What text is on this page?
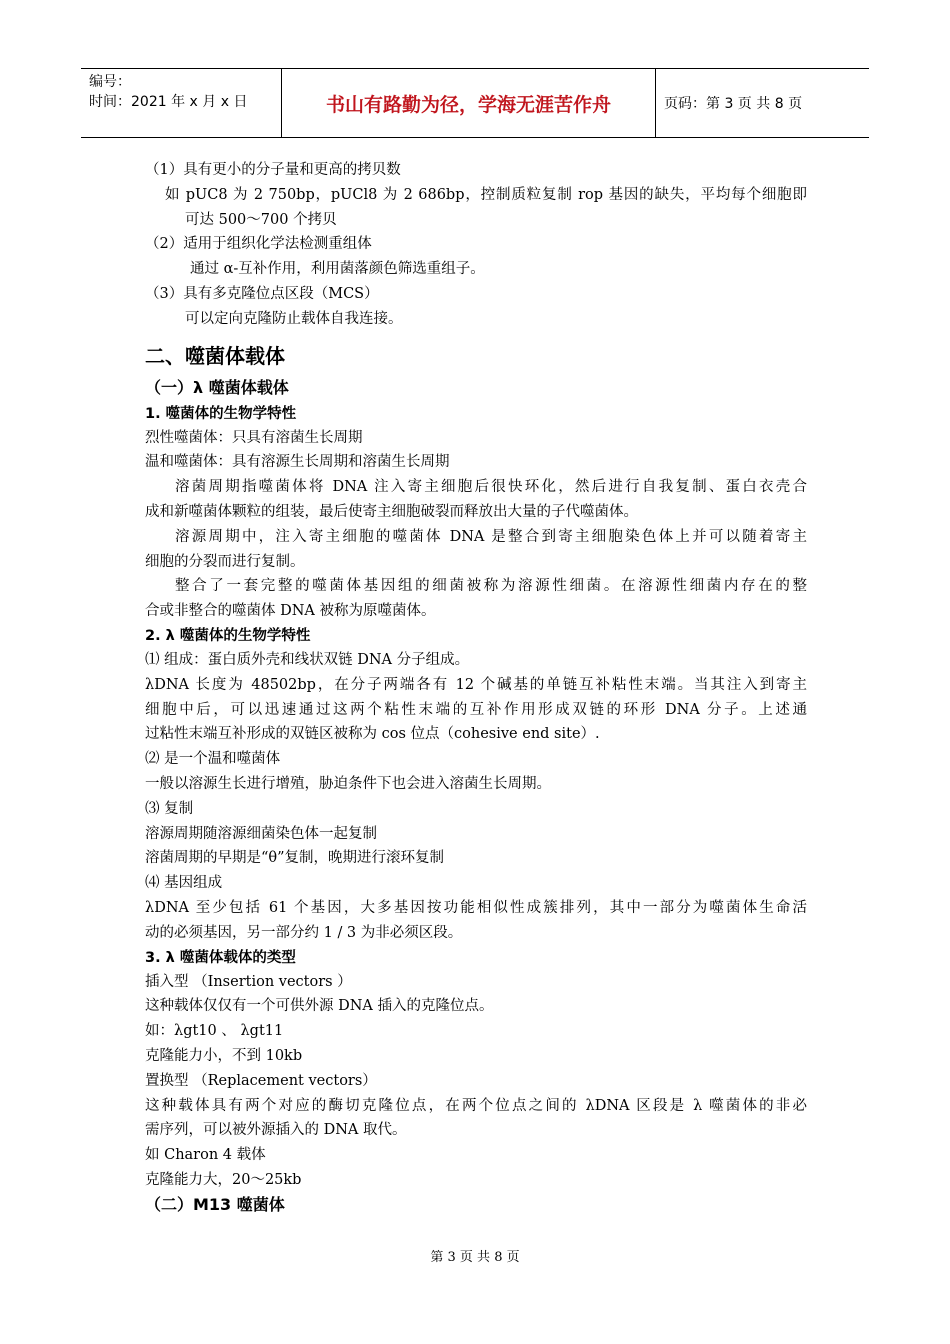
编号：
时间：2021 年 x 月 x 日	书山有路勤为径，学海无涯苦作舟	页码：第 3 页 共 8 页
（1）具有更小的分子量和更高的拷贝数
如 pUC8 为 2 750bp，pUCl8 为 2 686bp，控制质粒复制 rop 基因的缺失，平均每个细胞即
可达 500～700 个拷贝
（2）适用于组织化学法检测重组体
通过 α-互补作用，利用菌落颜色筛选重组子。
（3）具有多克隆位点区段（MCS）
可以定向克隆防止载体自我连接。
二、噬菌体载体
（一）λ 噬菌体载体
1. 噬菌体的生物学特性
烈性噬菌体：只具有溶菌生长周期
温和噬菌体：具有溶源生长周期和溶菌生长周期
溶菌周期指噬菌体将 DNA 注入寄主细胞后很快环化，然后进行自我复制、蛋白衣壳合
成和新噬菌体颗粒的组装，最后使寄主细胞破裂而释放出大量的子代噬菌体。
溶源周期中，注入寄主细胞的噬菌体 DNA 是整合到寄主细胞染色体上并可以随着寄主
细胞的分裂而进行复制。
整合了一套完整的噬菌体基因组的细菌被称为溶源性细菌。在溶源性细菌内存在的整
合或非整合的噬菌体 DNA 被称为原噬菌体。
2. λ 噬菌体的生物学特性
⑴ 组成：蛋白质外壳和线状双链 DNA 分子组成。
λDNA 长度为 48502bp，在分子两端各有 12 个碱基的单链互补粘性末端。当其注入到寄主
细胞中后，可以迅速通过这两个粘性末端的互补作用形成双链的环形 DNA 分子。上述通
过粘性末端互补形成的双链区被称为 cos 位点（cohesive end site）.
⑵ 是一个温和噬菌体
一般以溶源生长进行增殖，胁迫条件下也会进入溶菌生长周期。
⑶ 复制
溶源周期随溶源细菌染色体一起复制
溶菌周期的早期是“θ”复制，晚期进行滚环复制
⑷ 基因组成
λDNA 至少包括 61 个基因，大多基因按功能相似性成簇排列，其中一部分为噬菌体生命活
动的必须基因，另一部分约 1 / 3 为非必须区段。
3. λ 噬菌体载体的类型
插入型 （Insertion vectors ）
这种载体仅仅有一个可供外源 DNA 插入的克隆位点。
如：λgt10 、 λgt11
克隆能力小，不到 10kb
置换型 （Replacement vectors）
这种载体具有两个对应的酶切克隆位点，在两个位点之间的 λDNA 区段是 λ 噬菌体的非必
需序列，可以被外源插入的 DNA 取代。
如 Charon 4 载体
克隆能力大，20～25kb
（二）M13 噬菌体
第 3 页 共 8 页
